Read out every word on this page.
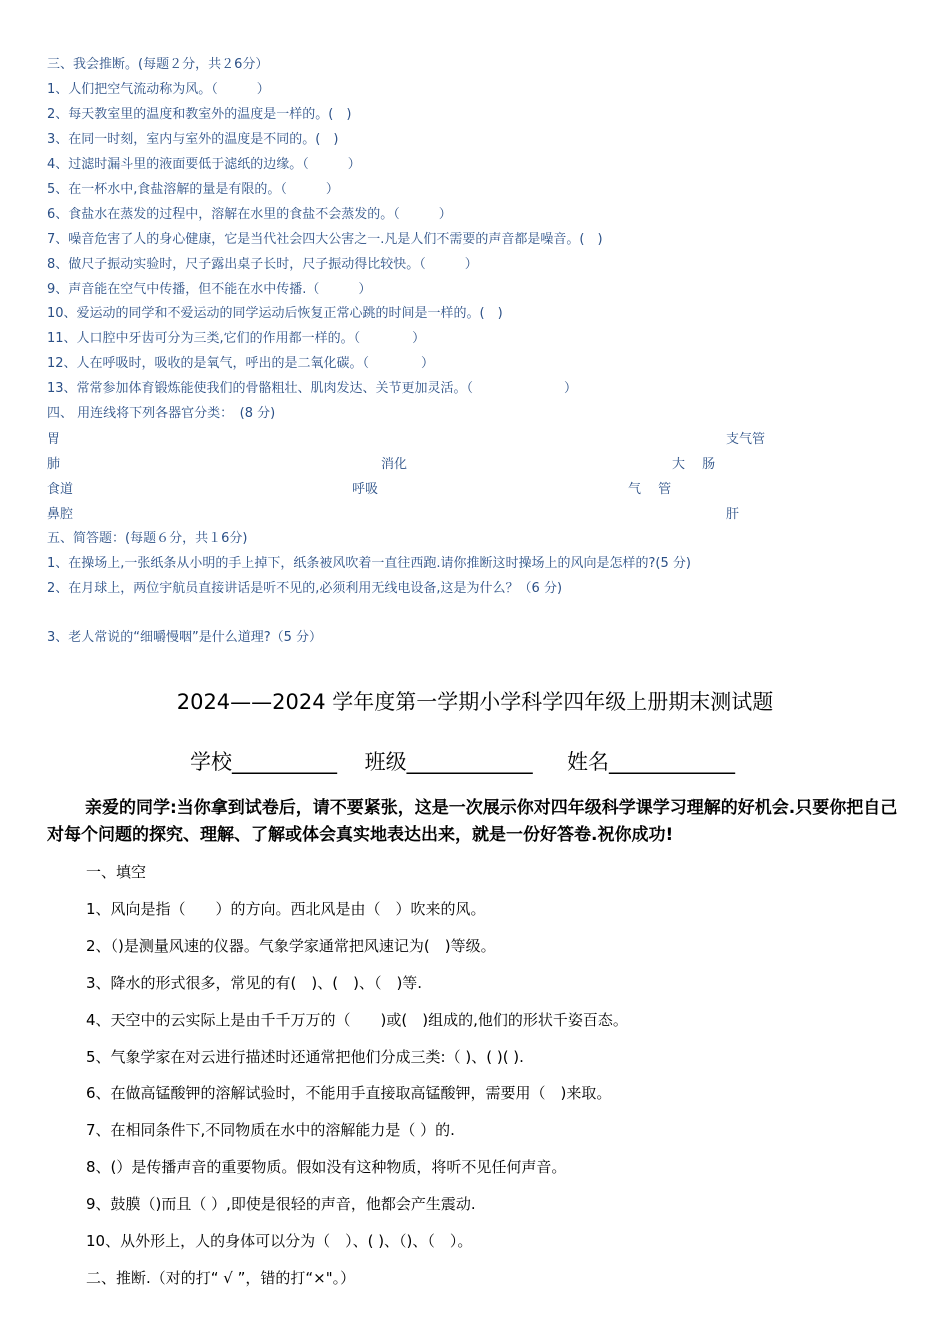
三、我会推断。(每题２分，共２6分）
1、人们把空气流动称为风。（　　　）
2、每天教室里的温度和教室外的温度是一样的。(　)
3、在同一时刻，室内与室外的温度是不同的。(　)
4、过滤时漏斗里的液面要低于滤纸的边缘。（　　　）
5、在一杯水中,食盐溶解的量是有限的。（　　　）
6、食盐水在蒸发的过程中，溶解在水里的食盐不会蒸发的。（　　　）
7、噪音危害了人的身心健康，它是当代社会四大公害之一.凡是人们不需要的声音都是噪音。(　)
8、做尺子振动实验时，尺子露出桌子长时，尺子振动得比较快。（　　　）
9、声音能在空气中传播，但不能在水中传播.（　　　）
10、爱运动的同学和不爱运动的同学运动后恢复正常心跳的时间是一样的。(　)
11、人口腔中牙齿可分为三类,它们的作用都一样的。（　　　　）
12、人在呼吸时，吸收的是氧气，呼出的是二氧化碳。（　　　　）
13、常常参加体育锻炼能使我们的骨骼粗壮、肌肉发达、关节更加灵活。（　　　　　　　）
四、 用连线将下列各器官分类：　(8 分)
胃
肺
食道
鼻腔
消化
呼吸
支气管
大　 肠
气　 管
肝
五、简答题：(每题６分，共１6分)
1、在操场上,一张纸条从小明的手上掉下，纸条被风吹着一直往西跑.请你推断这时操场上的风向是怎样的?(5 分)
2、在月球上，两位宇航员直接讲话是听不见的,必须利用无线电设备,这是为什么？（6 分)
3、老人常说的“细嚼慢咽”是什么道理?（5 分）
2024——2024 学年度第一学期小学科学四年级上册期末测试题
学校__________　 班级____________ 　 姓名____________
亲爱的同学:当你拿到试卷后，请不要紧张，这是一次展示你对四年级科学课学习理解的好机会.只要你把自己对每个问题的探究、理解、了解或体会真实地表达出来，就是一份好答卷.祝你成功!
一、填空
1、风向是指（　　）的方向。西北风是由（　）吹来的风。
2、（)是测量风速的仪器。气象学家通常把风速记为(　)等级。
3、降水的形式很多，常见的有(　)、(　)、（　)等.
4、天空中的云实际上是由千千万万的（　　)或(　)组成的,他们的形状千姿百态。
5、气象学家在对云进行描述时还通常把他们分成三类:（ )、( )( ).
6、在做高锰酸钾的溶解试验时，不能用手直接取高锰酸钾，需要用（　)来取。
7、在相同条件下,不同物质在水中的溶解能力是（ ）的.
8、(）是传播声音的重要物质。假如没有这种物质，将听不见任何声音。
9、鼓膜（)而且（ ）,即使是很轻的声音，他都会产生震动.
10、从外形上，人的身体可以分为（　）、( )、（)、（　）。
二、推断.（对的打“ √ ”，错的打“×"。）
